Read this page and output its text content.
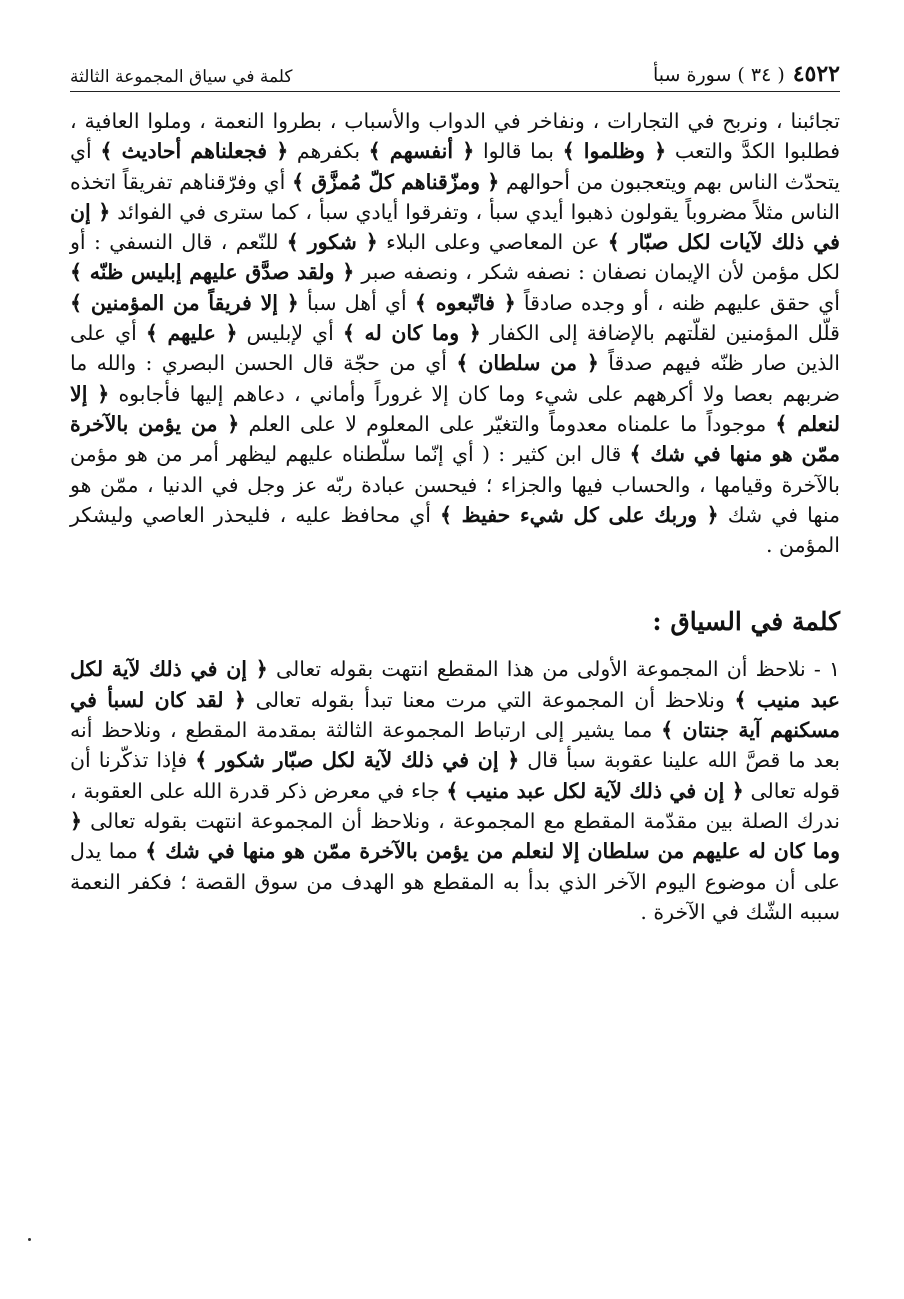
٤٥٢٢
( ٣٤ ) سورة سبأ
كلمة في سياق المجموعة الثالثة

تجائبنا ، ونربح في التجارات ، ونفاخر في الدواب والأسباب ، بطروا النعمة ، وملوا العافية ، فطلبوا الكدَّ والتعب ﴿ وظلموا ﴾ بما قالوا ﴿ أنفسهم ﴾ بكفرهم ﴿ فجعلناهم أحاديث ﴾ أي يتحدّث الناس بهم ويتعجبون من أحوالهم ﴿ ومزّقناهم كلّ مُمزَّق ﴾ أي وفرّقناهم تفريقاً اتخذه الناس مثلاً مضروباً يقولون ذهبوا أيدي سبأ ، وتفرقوا أيادي سبأ ، كما سترى في الفوائد ﴿ إن في ذلك لآيات لكل صبّار ﴾ عن المعاصي وعلى البلاء ﴿ شكور ﴾ للنّعم ، قال النسفي : أو لكل مؤمن لأن الإيمان نصفان : نصفه شكر ، ونصفه صبر ﴿ ولقد صدَّق عليهم إبليس ظنّه ﴾ أي حقق عليهم ظنه ، أو وجده صادقاً ﴿ فاتّبعوه ﴾ أي أهل سبأ ﴿ إلا فريقاً من المؤمنين ﴾ قلّل المؤمنين لقلّتهم بالإضافة إلى الكفار ﴿ وما كان له ﴾ أي لإبليس ﴿ عليهم ﴾ أي على الذين صار ظنّه فيهم صدقاً ﴿ من سلطان ﴾ أي من حجّة قال الحسن البصري : والله ما ضربهم بعصا ولا أكرههم على شيء وما كان إلا غروراً وأماني ، دعاهم إليها فأجابوه ﴿ إلا لنعلم ﴾ موجوداً ما علمناه معدوماً والتغيّر على المعلوم لا على العلم ﴿ من يؤمن بالآخرة ممّن هو منها في شك ﴾ قال ابن كثير : ( أي إنّما سلّطناه عليهم ليظهر أمر من هو مؤمن بالآخرة وقيامها ، والحساب فيها والجزاء ؛ فيحسن عبادة ربّه عز وجل في الدنيا ، ممّن هو منها في شك ﴿ وربك على كل شيء حفيظ ﴾ أي محافظ عليه ، فليحذر العاصي وليشكر المؤمن .

كلمة في السياق :

١ - نلاحظ أن المجموعة الأولى من هذا المقطع انتهت بقوله تعالى ﴿ إن في ذلك لآية لكل عبد منيب ﴾ ونلاحظ أن المجموعة التي مرت معنا تبدأ بقوله تعالى ﴿ لقد كان لسبأ في مسكنهم آية جنتان ﴾ مما يشير إلى ارتباط المجموعة الثالثة بمقدمة المقطع ، ونلاحظ أنه بعد ما قصَّ الله علينا عقوبة سبأ قال ﴿ إن في ذلك لآية لكل صبّار شكور ﴾ فإذا تذكّرنا أن قوله تعالى ﴿ إن في ذلك لآية لكل عبد منيب ﴾ جاء في معرض ذكر قدرة الله على العقوبة ، ندرك الصلة بين مقدّمة المقطع مع المجموعة ، ونلاحظ أن المجموعة انتهت بقوله تعالى ﴿ وما كان له عليهم من سلطان إلا لنعلم من يؤمن بالآخرة ممّن هو منها في شك ﴾ مما يدل على أن موضوع اليوم الآخر الذي بدأ به المقطع هو الهدف من سوق القصة ؛ فكفر النعمة سببه الشّك في الآخرة .
